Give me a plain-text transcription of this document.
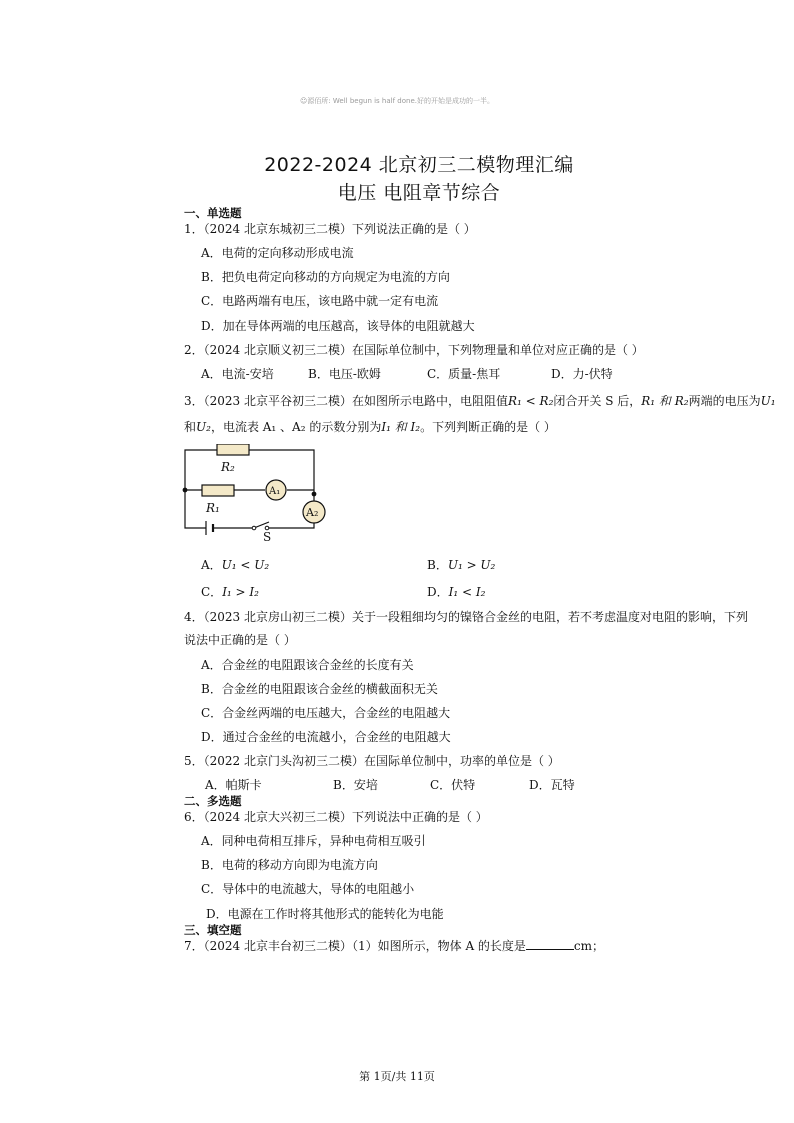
☺源佰所: Well begun is half done.好的开始是成功的一半。
2022-2024 北京初三二模物理汇编
电压 电阻章节综合
一、单选题
1．（2024 北京东城初三二模）下列说法正确的是（ ）
A．电荷的定向移动形成电流
B．把负电荷定向移动的方向规定为电流的方向
C．电路两端有电压，该电路中就一定有电流
D．加在导体两端的电压越高，该导体的电阻就越大
2．（2024 北京顺义初三二模）在国际单位制中，下列物理量和单位对应正确的是（ ）
A．电流-安培	B．电压-欧姆	C．质量-焦耳	D．力-伏特
3．（2023 北京平谷初三二模）在如图所示电路中，电阻阻值R₁ < R₂闭合开关 S 后，R₁ 和 R₂两端的电压为U₁
和U₂，电流表 A₁ 、A₂ 的示数分别为I₁ 和 I₂。下列判断正确的是（ ）
R₂
R₁
A₁
A₂
S
A．U₁ < U₂	B．U₁ > U₂
C．I₁ > I₂	D．I₁ < I₂
4．（2023 北京房山初三二模）关于一段粗细均匀的镍铬合金丝的电阻，若不考虑温度对电阻的影响，下列
说法中正确的是（ ）
A．合金丝的电阻跟该合金丝的长度有关
B．合金丝的电阻跟该合金丝的横截面积无关
C．合金丝两端的电压越大，合金丝的电阻越大
D．通过合金丝的电流越小，合金丝的电阻越大
5．（2022 北京门头沟初三二模）在国际单位制中，功率的单位是（ ）
A．帕斯卡	B．安培	C．伏特	D．瓦特
二、多选题
6．（2024 北京大兴初三二模）下列说法中正确的是（ ）
A．同种电荷相互排斥，异种电荷相互吸引
B．电荷的移动方向即为电流方向
C．导体中的电流越大，导体的电阻越小
D．电源在工作时将其他形式的能转化为电能
三、填空题
7．（2024 北京丰台初三二模）（1）如图所示，物体 A 的长度是	cm；
第 1页/共 11页
